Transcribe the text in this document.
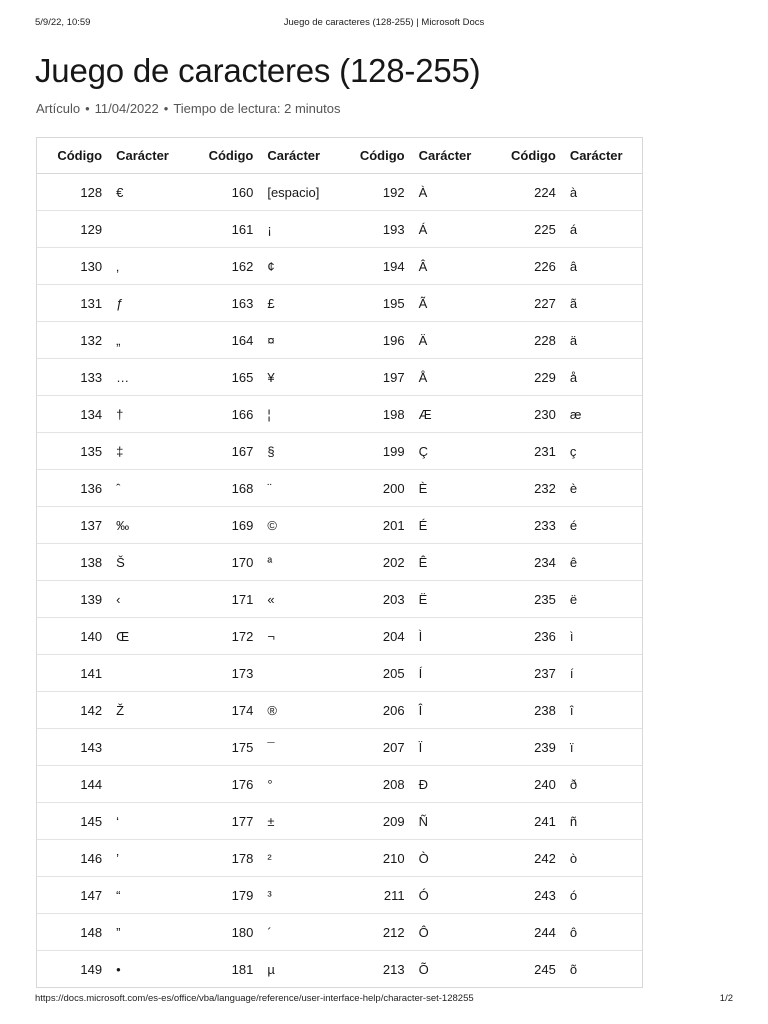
5/9/22, 10:59	Juego de caracteres (128-255) | Microsoft Docs
Juego de caracteres (128-255)
Artículo • 11/04/2022 • Tiempo de lectura: 2 minutos
Código	Carácter	Código	Carácter	Código	Carácter	Código	Carácter
128	€	160	[espacio]	192	À	224	à
129		161	¡	193	Á	225	á
130	‚	162	¢	194	Â	226	â
131	ƒ	163	£	195	Ã	227	ã
132	„	164	¤	196	Ä	228	ä
133	…	165	¥	197	Å	229	å
134	†	166	¦	198	Æ	230	æ
135	‡	167	§	199	Ç	231	ç
136	ˆ	168	¨	200	È	232	è
137	‰	169	©	201	É	233	é
138	Š	170	ª	202	Ê	234	ê
139	‹	171	«	203	Ë	235	ë
140	Œ	172	¬	204	Ì	236	ì
141		173		205	Í	237	í
142	Ž	174	®	206	Î	238	î
143		175	¯	207	Ï	239	ï
144		176	°	208	Ð	240	ð
145	‘	177	±	209	Ñ	241	ñ
146	’	178	²	210	Ò	242	ò
147	“	179	³	211	Ó	243	ó
148	”	180	´	212	Ô	244	ô
149	•	181	µ	213	Õ	245	õ
https://docs.microsoft.com/es-es/office/vba/language/reference/user-interface-help/character-set-128255	1/2
